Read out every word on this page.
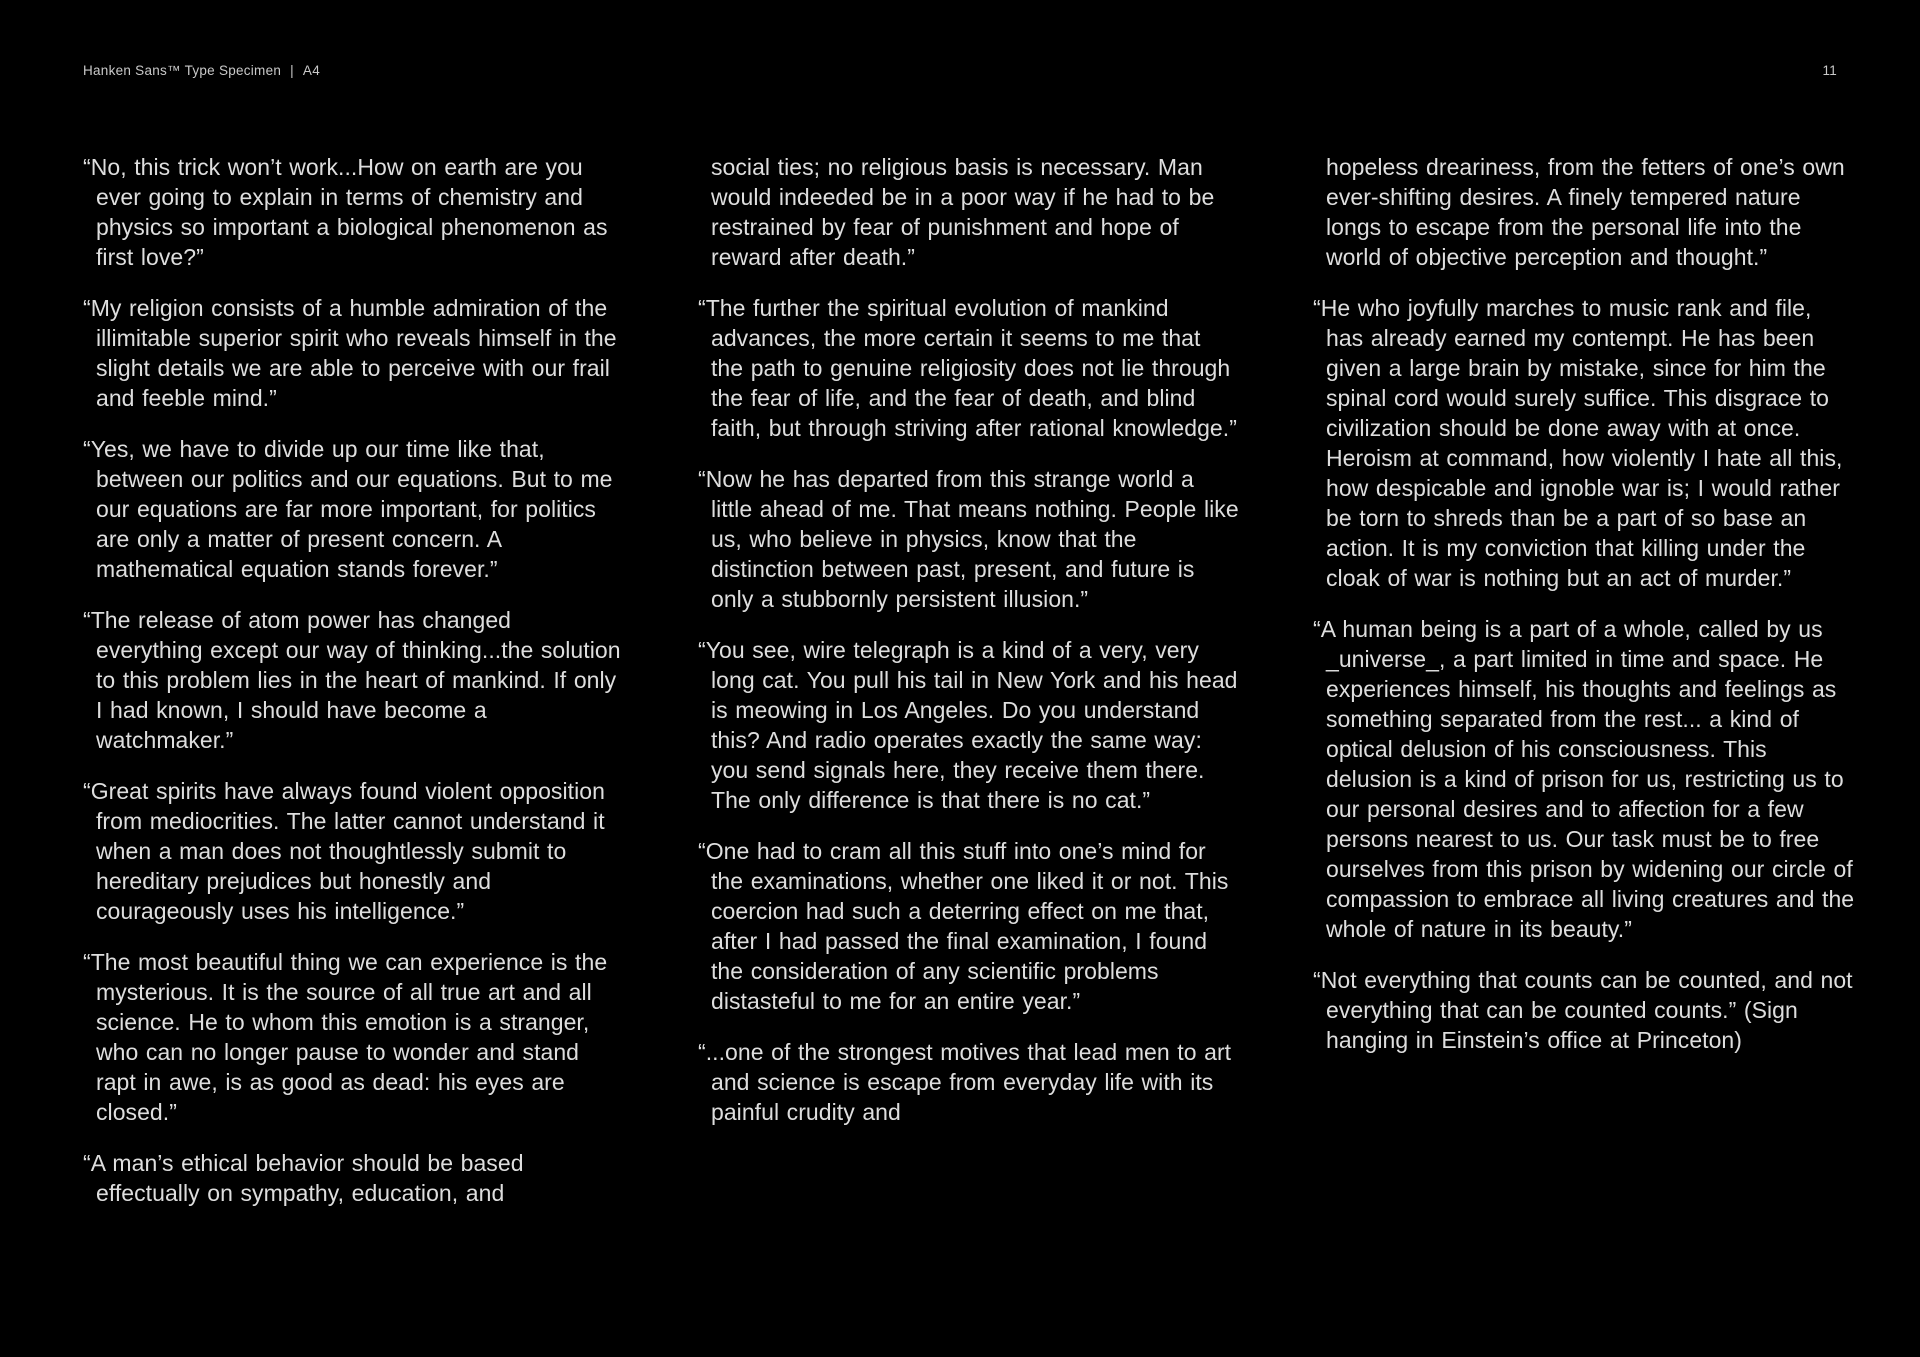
Hanken Sans™ Type Specimen | A4	11

“No, this trick won’t work...How on earth are you ever going to explain in terms of chemistry and physics so important a biological phenomenon as first love?”

“My religion consists of a humble admiration of the illimitable superior spirit who reveals himself in the slight details we are able to perceive with our frail and feeble mind.”

“Yes, we have to divide up our time like that, between our politics and our equations. But to me our equations are far more important, for politics are only a matter of present concern. A mathematical equation stands forever.”

“The release of atom power has changed everything except our way of thinking...the solution to this problem lies in the heart of mankind. If only I had known, I should have become a watchmaker.”

“Great spirits have always found violent opposition from mediocrities. The latter cannot understand it when a man does not thoughtlessly submit to hereditary prejudices but honestly and courageously uses his intelligence.”

“The most beautiful thing we can experience is the mysterious. It is the source of all true art and all science. He to whom this emotion is a stranger, who can no longer pause to wonder and stand rapt in awe, is as good as dead: his eyes are closed.”

“A man’s ethical behavior should be based effectually on sympathy, education, and

social ties; no religious basis is necessary. Man would indeeded be in a poor way if he had to be restrained by fear of punishment and hope of reward after death.”

“The further the spiritual evolution of mankind advances, the more certain it seems to me that the path to genuine religiosity does not lie through the fear of life, and the fear of death, and blind faith, but through striving after rational knowledge.”

“Now he has departed from this strange world a little ahead of me. That means nothing. People like us, who believe in physics, know that the distinction between past, present, and future is only a stubbornly persistent illusion.”

“You see, wire telegraph is a kind of a very, very long cat. You pull his tail in New York and his head is meowing in Los Angeles. Do you understand this? And radio operates exactly the same way: you send signals here, they receive them there. The only difference is that there is no cat.”

“One had to cram all this stuff into one’s mind for the examinations, whether one liked it or not. This coercion had such a deterring effect on me that, after I had passed the final examination, I found the consideration of any scientific problems distasteful to me for an entire year.”

“...one of the strongest motives that lead men to art and science is escape from everyday life with its painful crudity and

hopeless dreariness, from the fetters of one’s own ever-shifting desires. A finely tempered nature longs to escape from the personal life into the world of objective perception and thought.”

“He who joyfully marches to music rank and file, has already earned my contempt. He has been given a large brain by mistake, since for him the spinal cord would surely suffice. This disgrace to civilization should be done away with at once. Heroism at command, how violently I hate all this, how despicable and ignoble war is; I would rather be torn to shreds than be a part of so base an action. It is my conviction that killing under the cloak of war is nothing but an act of murder.”

“A human being is a part of a whole, called by us _universe_, a part limited in time and space. He experiences himself, his thoughts and feelings as something separated from the rest... a kind of optical delusion of his consciousness. This delusion is a kind of prison for us, restricting us to our personal desires and to affection for a few persons nearest to us. Our task must be to free ourselves from this prison by widening our circle of compassion to embrace all living creatures and the whole of nature in its beauty.”

“Not everything that counts can be counted, and not everything that can be counted counts.” (Sign hanging in Einstein’s office at Princeton)
